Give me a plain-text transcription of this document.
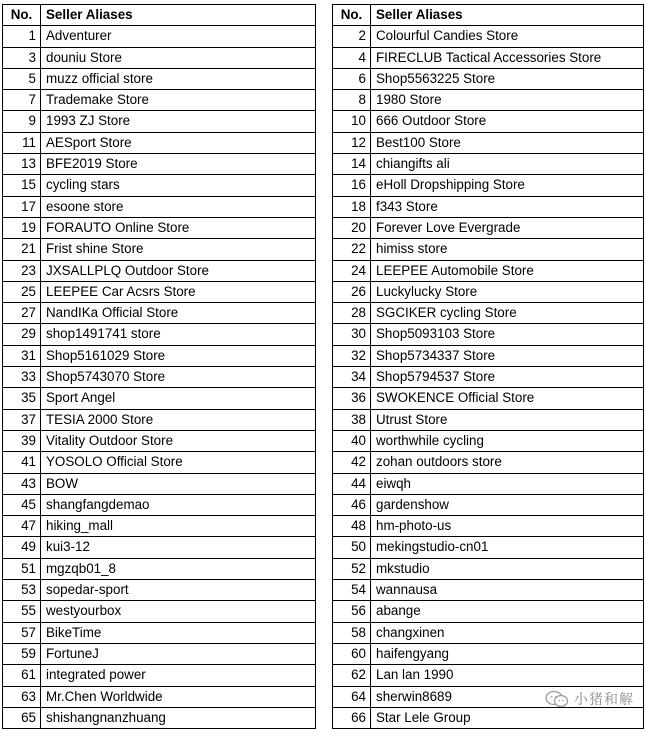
No.	Seller Aliases
1	Adventurer
3	douniu Store
5	muzz official store
7	Trademake Store
9	1993 ZJ Store
11	AESport Store
13	BFE2019 Store
15	cycling stars
17	esoone store
19	FORAUTO Online Store
21	Frist shine Store
23	JXSALLPLQ Outdoor Store
25	LEEPEE Car Acsrs Store
27	NandIKa Official Store
29	shop1491741 store
31	Shop5161029 Store
33	Shop5743070 Store
35	Sport Angel
37	TESIA 2000 Store
39	Vitality Outdoor Store
41	YOSOLO Official Store
43	BOW
45	shangfangdemao
47	hiking_mall
49	kui3-12
51	mgzqb01_8
53	sopedar-sport
55	westyourbox
57	BikeTime
59	FortuneJ
61	integrated power
63	Mr.Chen Worldwide
65	shishangnanzhuang
No.	Seller Aliases
2	Colourful Candies Store
4	FIRECLUB Tactical Accessories Store
6	Shop5563225 Store
8	1980 Store
10	666 Outdoor Store
12	Best100 Store
14	chiangifts ali
16	eHoll Dropshipping Store
18	f343 Store
20	Forever Love Evergrade
22	himiss store
24	LEEPEE Automobile Store
26	Luckylucky Store
28	SGCIKER cycling Store
30	Shop5093103 Store
32	Shop5734337 Store
34	Shop5794537 Store
36	SWOKENCE Official Store
38	Utrust Store
40	worthwhile cycling
42	zohan outdoors store
44	eiwqh
46	gardenshow
48	hm-photo-us
50	mekingstudio-cn01
52	mkstudio
54	wannausa
56	abange
58	changxinen
60	haifengyang
62	Lan lan 1990
64	sherwin8689
66	Star Lele Group
小猪和解
